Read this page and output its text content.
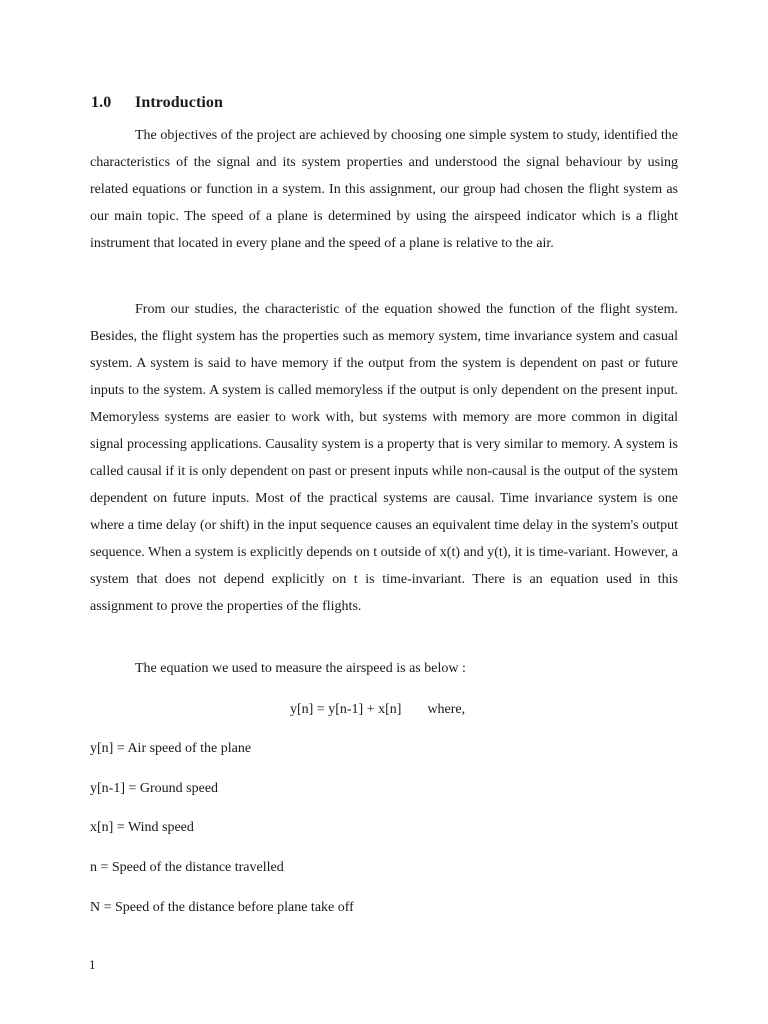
1.0 Introduction

The objectives of the project are achieved by choosing one simple system to study, identified the characteristics of the signal and its system properties and understood the signal behaviour by using related equations or function in a system. In this assignment, our group had chosen the flight system as our main topic. The speed of a plane is determined by using the airspeed indicator which is a flight instrument that located in every plane and the speed of a plane is relative to the air.

From our studies, the characteristic of the equation showed the function of the flight system. Besides, the flight system has the properties such as memory system, time invariance system and casual system. A system is said to have memory if the output from the system is dependent on past or future inputs to the system. A system is called memoryless if the output is only dependent on the present input. Memoryless systems are easier to work with, but systems with memory are more common in digital signal processing applications. Causality system is a property that is very similar to memory. A system is called causal if it is only dependent on past or present inputs while non-causal is the output of the system dependent on future inputs. Most of the practical systems are causal. Time invariance system is one where a time delay (or shift) in the input sequence causes an equivalent time delay in the system's output sequence. When a system is explicitly depends on t outside of x(t) and y(t), it is time-variant. However, a system that does not depend explicitly on t is time-invariant. There is an equation used in this assignment to prove the properties of the flights.

The equation we used to measure the airspeed is as below :
y[n] = y[n-1] + x[n] where,
y[n] = Air speed of the plane
y[n-1] = Ground speed
x[n] = Wind speed
n = Speed of the distance travelled
N = Speed of the distance before plane take off
1
